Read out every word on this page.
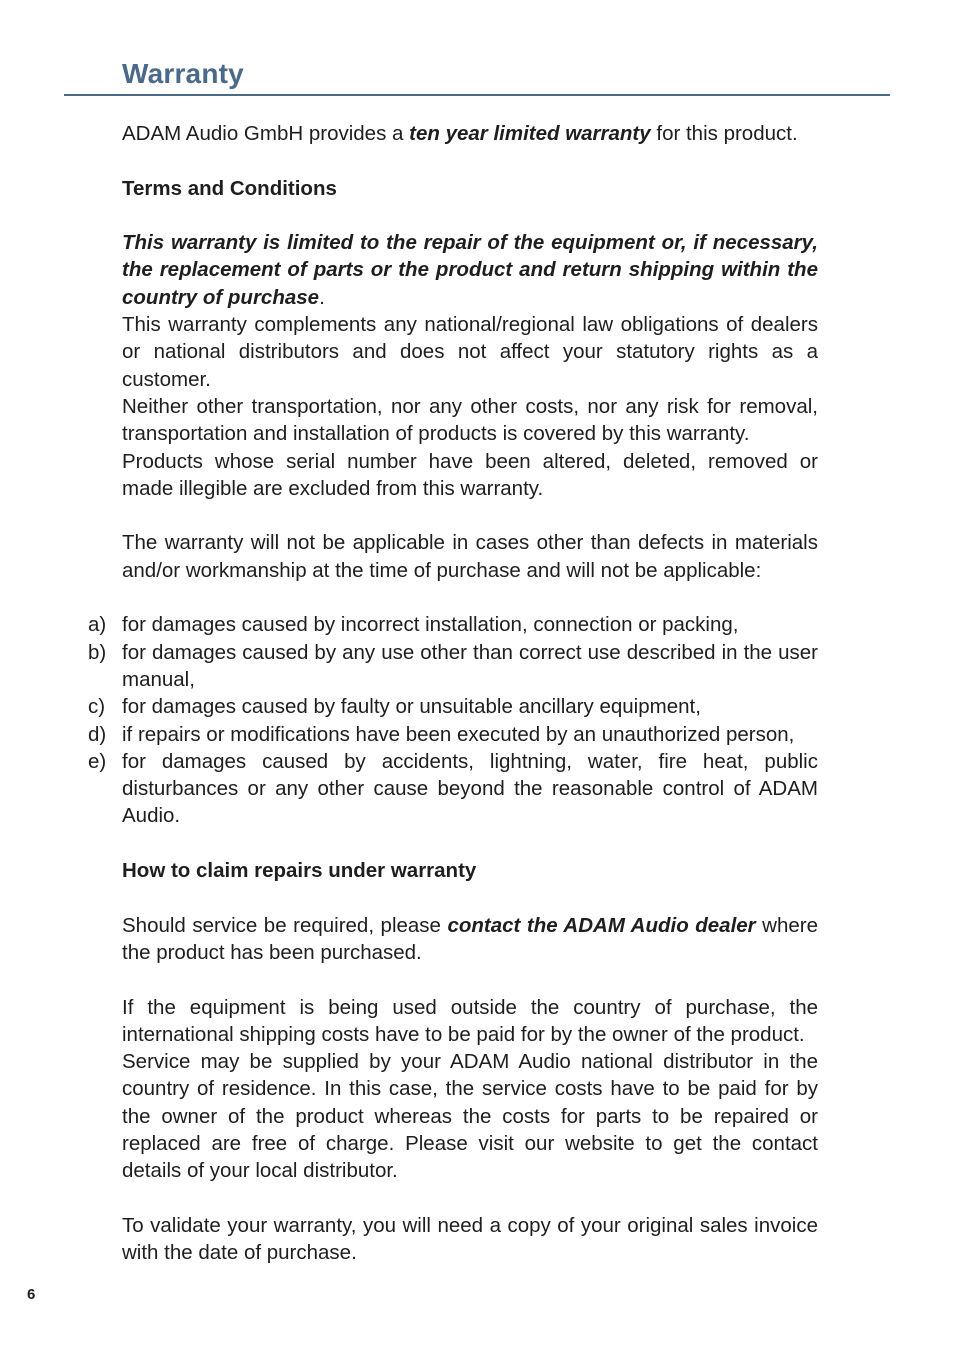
Warranty

ADAM Audio GmbH provides a ten year limited warranty for this product.

Terms and Conditions

This warranty is limited to the repair of the equipment or, if necessary, the replacement of parts or the product and return shipping within the country of purchase.

This warranty complements any national/regional law obligations of dealers or national distributors and does not affect your statutory rights as a customer.

Neither other transportation, nor any other costs, nor any risk for removal, transportation and installation of products is covered by this warranty.

Products whose serial number have been altered, deleted, removed or made illegible are excluded from this warranty.

The warranty will not be applicable in cases other than defects in materials and/or workmanship at the time of purchase and will not be applicable:

a) for damages caused by incorrect installation, connection or packing,
b) for damages caused by any use other than correct use described in the user manual,
c) for damages caused by faulty or unsuitable ancillary equipment,
d) if repairs or modifications have been executed by an unauthorized person,
e) for damages caused by accidents, lightning, water, fire heat, public disturbances or any other cause beyond the reasonable control of ADAM Audio.

How to claim repairs under warranty

Should service be required, please contact the ADAM Audio dealer where the product has been purchased.

If the equipment is being used outside the country of purchase, the international shipping costs have to be paid for by the owner of the product.

Service may be supplied by your ADAM Audio national distributor in the country of residence. In this case, the service costs have to be paid for by the owner of the product whereas the costs for parts to be repaired or replaced are free of charge. Please visit our website to get the contact details of your local distributor.

To validate your warranty, you will need a copy of your original sales invoice with the date of purchase.

6
